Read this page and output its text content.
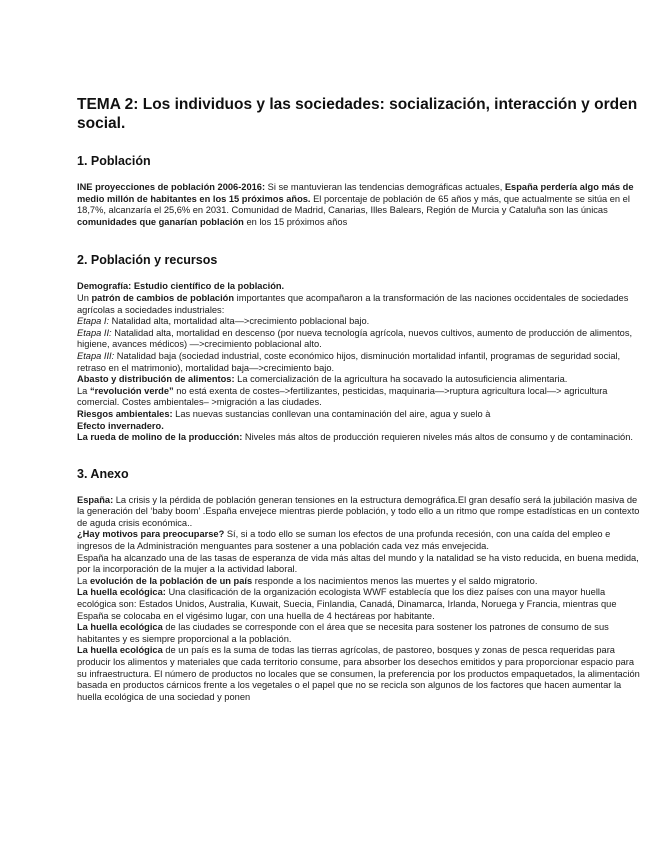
TEMA 2: Los individuos y las sociedades: socialización, interacción y orden social.
1. Población

INE proyecciones de población 2006-2016: Si se mantuvieran las tendencias demográficas actuales, España perdería algo más de medio millón de habitantes en los 15 próximos años. El porcentaje de población de 65 años y más, que actualmente se sitúa en el 18,7%, alcanzaría el 25,6% en 2031. Comunidad de Madrid, Canarias, Illes Balears, Región de Murcia y Cataluña son las únicas

comunidades que ganarían población en los 15 próximos años

2. Población y recursos

Demografía: Estudio científico de la población.

Un patrón de cambios de población importantes que acompañaron a la transformación de las naciones occidentales de sociedades agrícolas a sociedades industriales:

Etapa I: Natalidad alta, mortalidad alta—>crecimiento poblacional bajo.

Etapa II: Natalidad alta, mortalidad en descenso (por nueva tecnología agrícola, nuevos cultivos, aumento de producción de alimentos, higiene, avances médicos) —>crecimiento poblacional alto.

Etapa III: Natalidad baja (sociedad industrial, coste económico hijos, disminución mortalidad infantil, programas de seguridad social, retraso en el matrimonio), mortalidad baja—>crecimiento bajo.

Abasto y distribución de alimentos: La comercialización de la agricultura ha socavado la autosuficiencia alimentaria.

La “revolución verde” no está exenta de costes–>fertilizantes, pesticidas, maquinaria—>ruptura agricultura local—> agricultura comercial. Costes ambientales– >migración a las ciudades.

Riesgos ambientales: Las nuevas sustancias conllevan una contaminación del aire, agua y suelo à

Efecto invernadero.

La rueda de molino de la producción: Niveles más altos de producción requieren niveles más altos de consumo y de contaminación.

3. Anexo

España: La crisis y la pérdida de población generan tensiones en la estructura demográfica.El gran desafío será la jubilación masiva de la generación del ‘baby boom’ .España envejece mientras pierde población, y todo ello a un ritmo que rompe estadísticas en un contexto de aguda crisis económica..

¿Hay motivos para preocuparse? Sí, si a todo ello se suman los efectos de una profunda recesión, con una caída del empleo e ingresos de la Administración menguantes para sostener a una población cada vez más envejecida.

España ha alcanzado una de las tasas de esperanza de vida más altas del mundo y la natalidad se ha visto reducida, en buena medida, por la incorporación de la mujer a la actividad laboral.

La evolución de la población de un país responde a los nacimientos menos las muertes y el saldo migratorio.

La huella ecológica: Una clasificación de la organización ecologista WWF establecía que los diez países con una mayor huella ecológica son: Estados Unidos, Australia, Kuwait, Suecia, Finlandia, Canadá, Dinamarca, Irlanda, Noruega y Francia, mientras que España se colocaba en el vigésimo lugar, con una huella de 4 hectáreas por habitante.

La huella ecológica de las ciudades se corresponde con el área que se necesita para sostener los patrones de consumo de sus habitantes y es siempre proporcional a la población.

La huella ecológica de un país es la suma de todas las tierras agrícolas, de pastoreo, bosques y zonas de pesca requeridas para producir los alimentos y materiales que cada territorio consume, para absorber los desechos emitidos y para proporcionar espacio para su infraestructura. El número de productos no locales que se consumen, la preferencia por los productos empaquetados, la alimentación basada en productos cárnicos frente a los vegetales o el papel que no se recicla son algunos de los factores que hacen aumentar la huella ecológica de una sociedad y ponen
